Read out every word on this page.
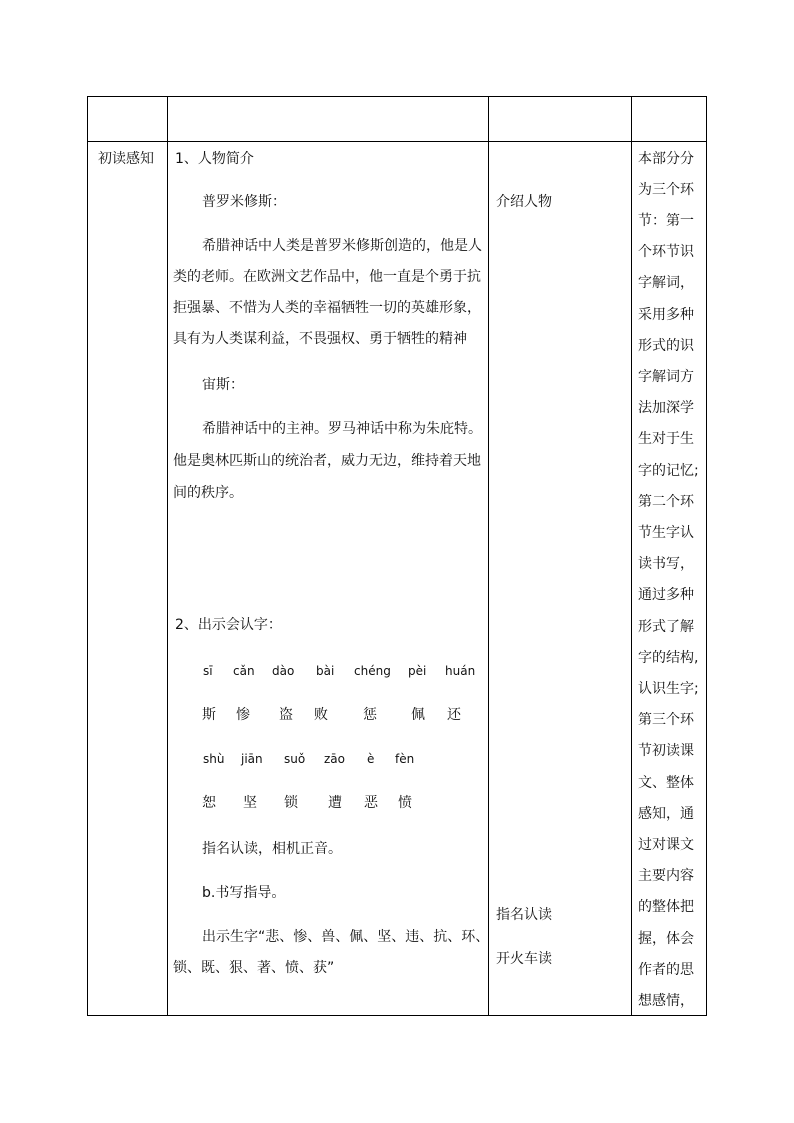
初读感知 1、人物简介
普罗米修斯：
希腊神话中人类是普罗米修斯创造的，他是人
类的老师。在欧洲文艺作品中，他一直是个勇于抗
拒强暴、不惜为人类的幸福牺牲一切的英雄形象，
具有为人类谋利益，不畏强权、勇于牺牲的精神
宙斯：
希腊神话中的主神。罗马神话中称为朱庇特。
他是奥林匹斯山的统治者，威力无边，维持着天地
间的秩序。
2、出示会认字：
sī cǎn dào bài chéng pèi huán
斯 惨 盗 败	惩 佩 还
shù jiān suǒ zāo è fèn
恕 坚 锁 遭 恶 愤
指名认读，相机正音。
b.书写指导。
出示生字“悲、惨、兽、佩、坚、违、抗、环、
锁、既、狠、著、愤、获”
介绍人物
指名认读
开火车读
本部分分
为三个环
节：第一
个环节识
字解词，
采用多种
形式的识
字解词方
法加深学
生对于生
字的记忆;
第二个环
节生字认
读书写，
通过多种
形式了解
字的结构,
认识生字;
第三个环
节初读课
文、整体
感知，通
过对课文
主要内容
的整体把
握，体会
作者的思
想感情，
